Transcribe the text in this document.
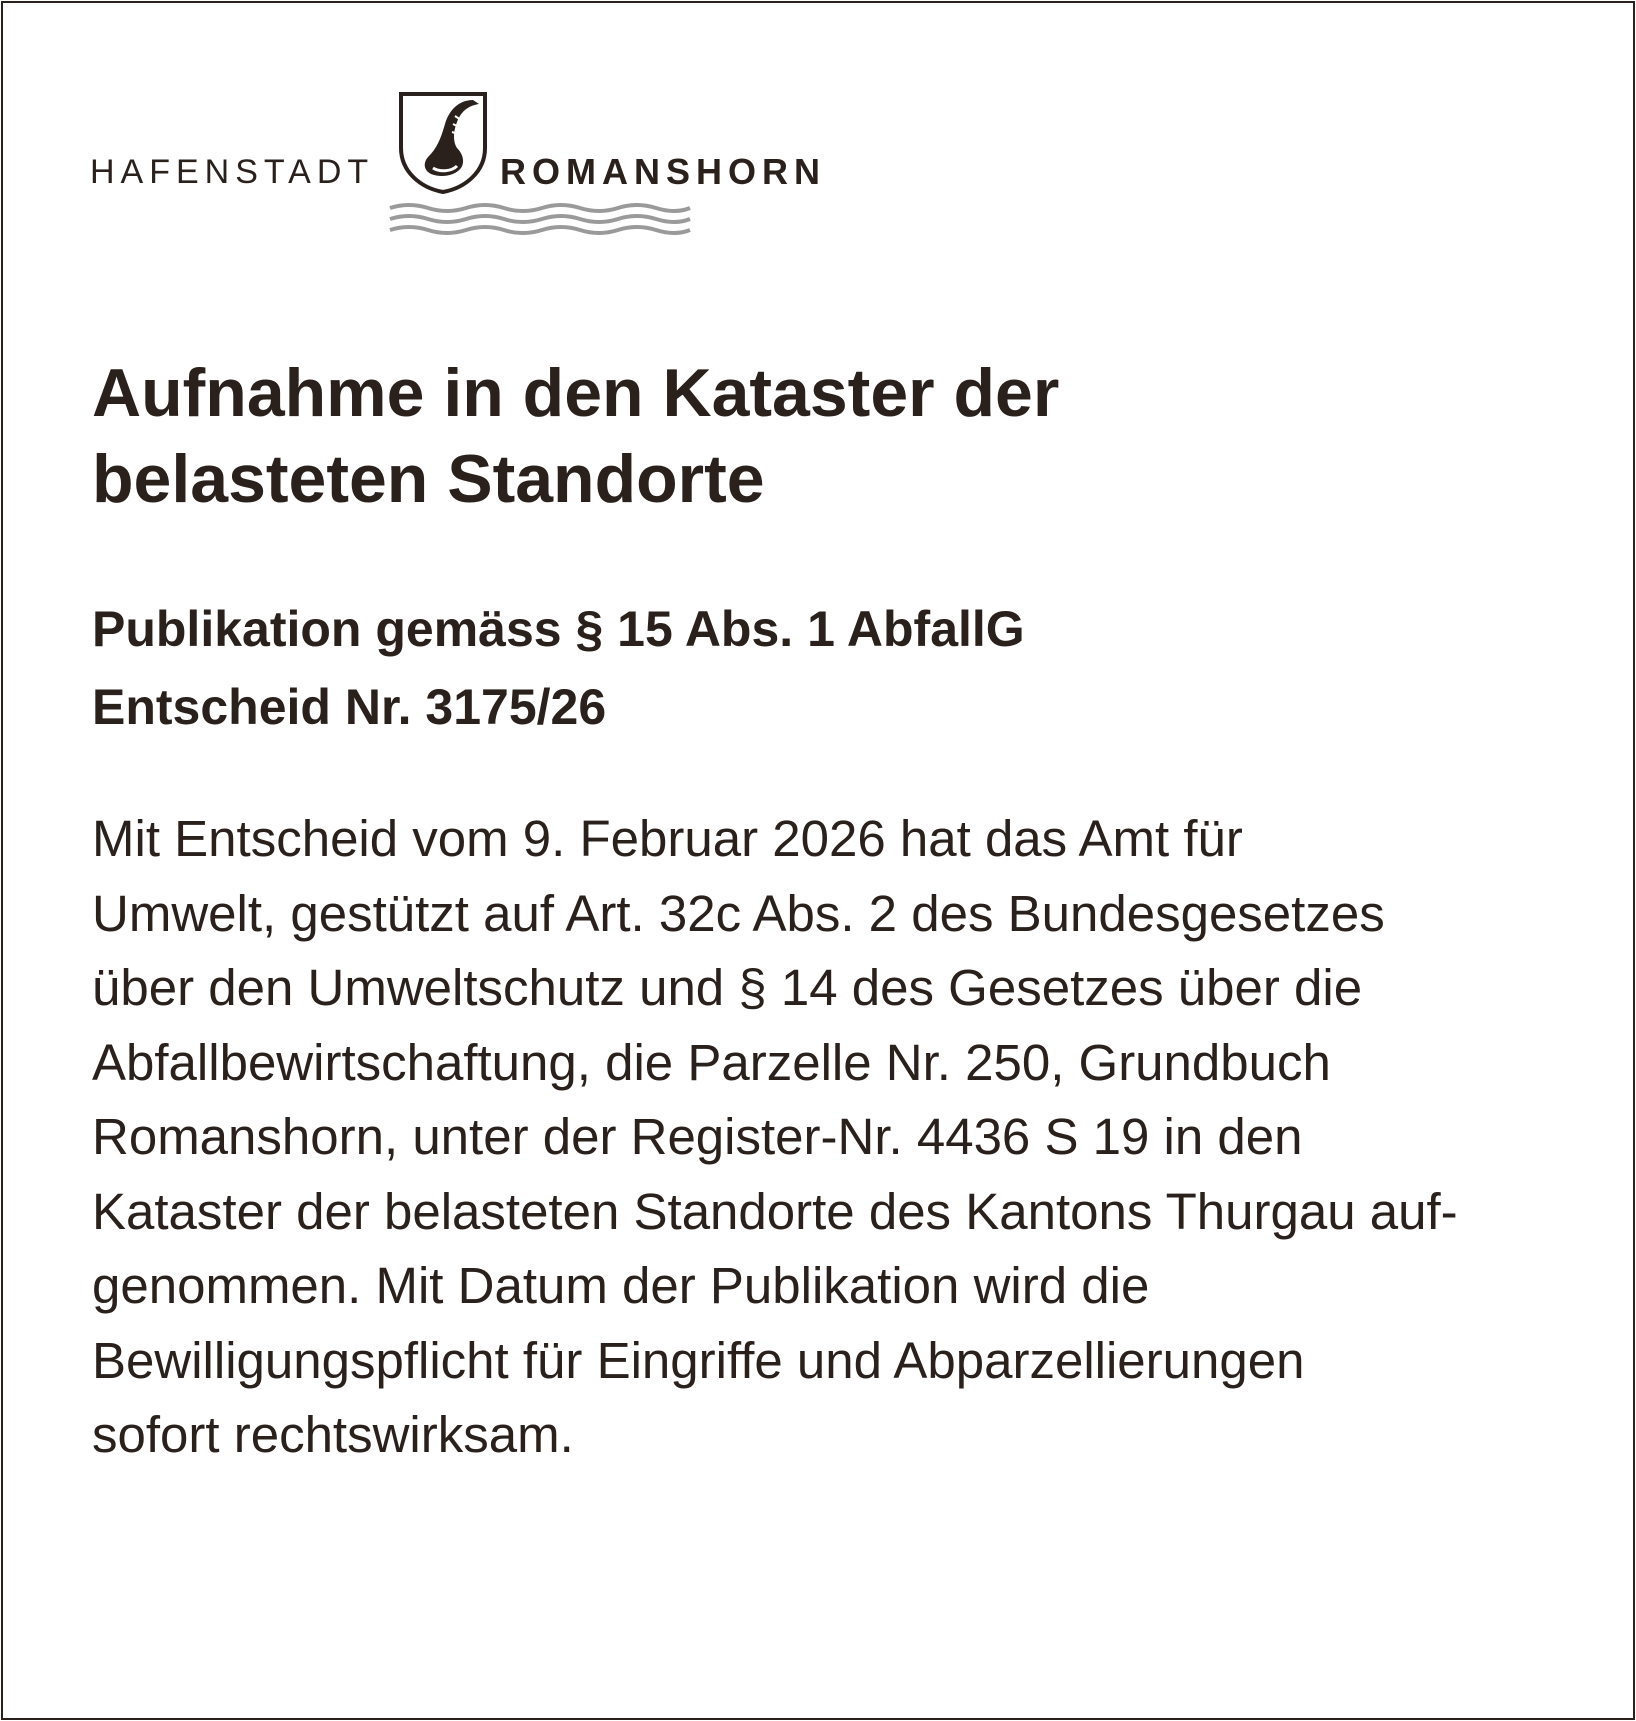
HAFENSTADT	ROMANSHORN
Aufnahme in den Kataster der
belasteten Standorte
Publikation gemäss § 15 Abs. 1 AbfallG
Entscheid Nr. 3175/26
Mit Entscheid vom 9. Februar 2026 hat das Amt für
Umwelt, gestützt auf Art. 32c Abs. 2 des Bundesgesetzes
über den Umweltschutz und § 14 des Gesetzes über die
Abfallbewirtschaftung, die Parzelle Nr. 250, Grundbuch
Romanshorn, unter der Register-Nr. 4436 S 19 in den
Kataster der belasteten Standorte des Kantons Thurgau auf-
genommen. Mit Datum der Publikation wird die
Bewilligungspflicht für Eingriffe und Abparzellierungen
sofort rechtswirksam.
